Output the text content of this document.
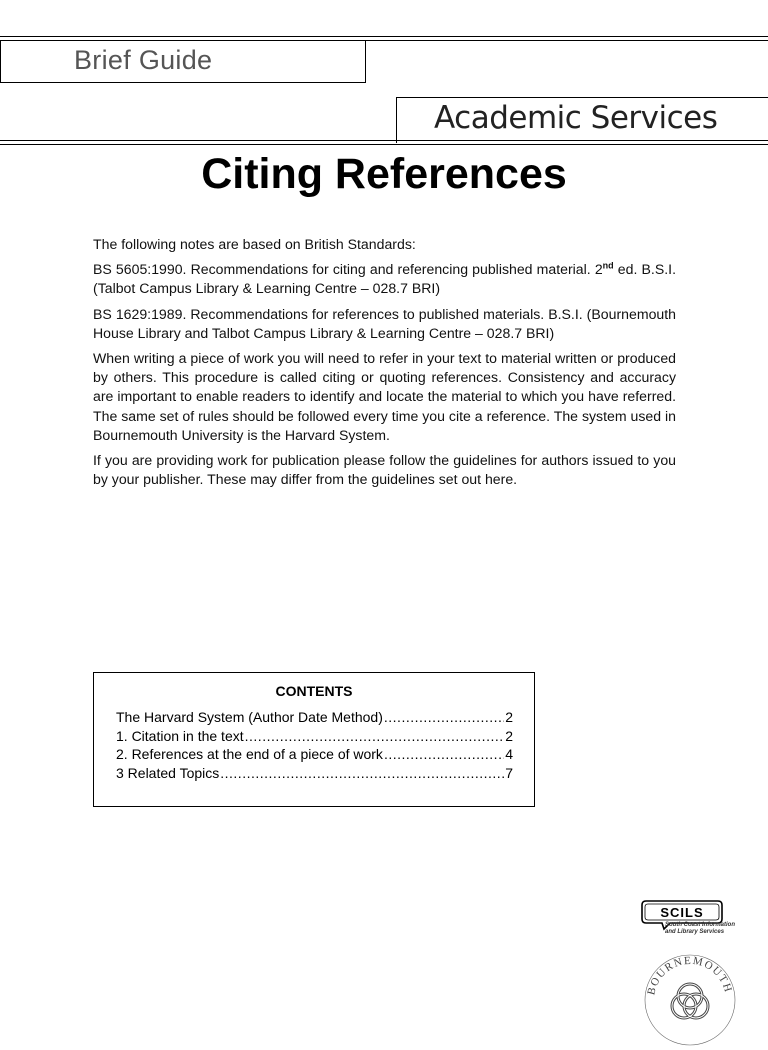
Brief Guide
Academic Services
Citing References

The following notes are based on British Standards:

BS 5605:1990. Recommendations for citing and referencing published material. 2nd ed. B.S.I. (Talbot Campus Library & Learning Centre – 028.7 BRI)

BS 1629:1989. Recommendations for references to published materials. B.S.I. (Bournemouth House Library and Talbot Campus Library & Learning Centre – 028.7 BRI)

When writing a piece of work you will need to refer in your text to material written or produced by others. This procedure is called citing or quoting references. Consistency and accuracy are important to enable readers to identify and locate the material to which you have referred. The same set of rules should be followed every time you cite a reference. The system used in Bournemouth University is the Harvard System.

If you are providing work for publication please follow the guidelines for authors issued to you by your publisher. These may differ from the guidelines set out here.

CONTENTS
The Harvard System (Author Date Method) .....	2
1. Citation in the text .....	2
2. References at the end of a piece of work .....	4
3 Related Topics .....	7
SCILS
South Coast Information
and Library Services
BOURNEMOUTH
